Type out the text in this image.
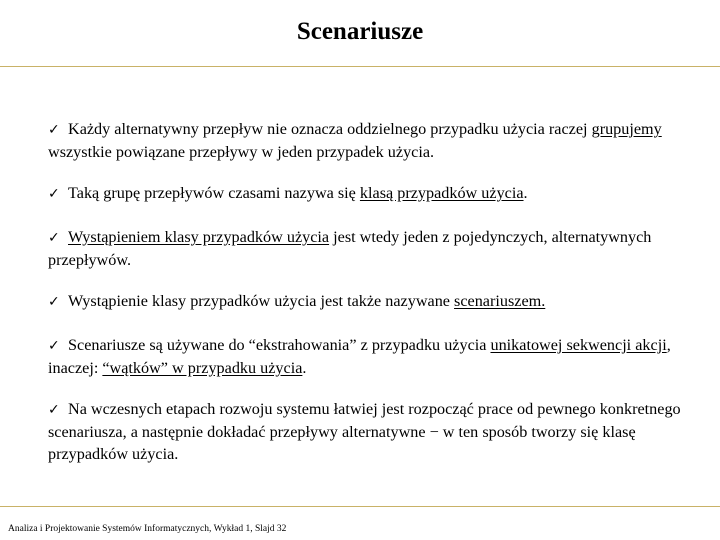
Scenariusze
✓ Każdy alternatywny przepływ nie oznacza oddzielnego przypadku użycia raczej grupujemy wszystkie powiązane przepływy w jeden przypadek użycia.
✓ Taką grupę przepływów czasami nazywa się klasą przypadków użycia.
✓ Wystąpieniem klasy przypadków użycia jest wtedy jeden z pojedynczych, alternatywnych przepływów.
✓ Wystąpienie klasy przypadków użycia jest także nazywane scenariuszem.
✓ Scenariusze są używane do “ekstrahowania” z przypadku użycia unikatowej sekwencji akcji, inaczej: “wątków” w przypadku użycia.
✓ Na wczesnych etapach rozwoju systemu łatwiej jest rozpocząć prace od pewnego konkretnego scenariusza, a następnie dokładać przepływy alternatywne − w ten sposób tworzy się klasę przypadków użycia.
Analiza i Projektowanie Systemów Informatycznych, Wykład 1, Slajd 32
